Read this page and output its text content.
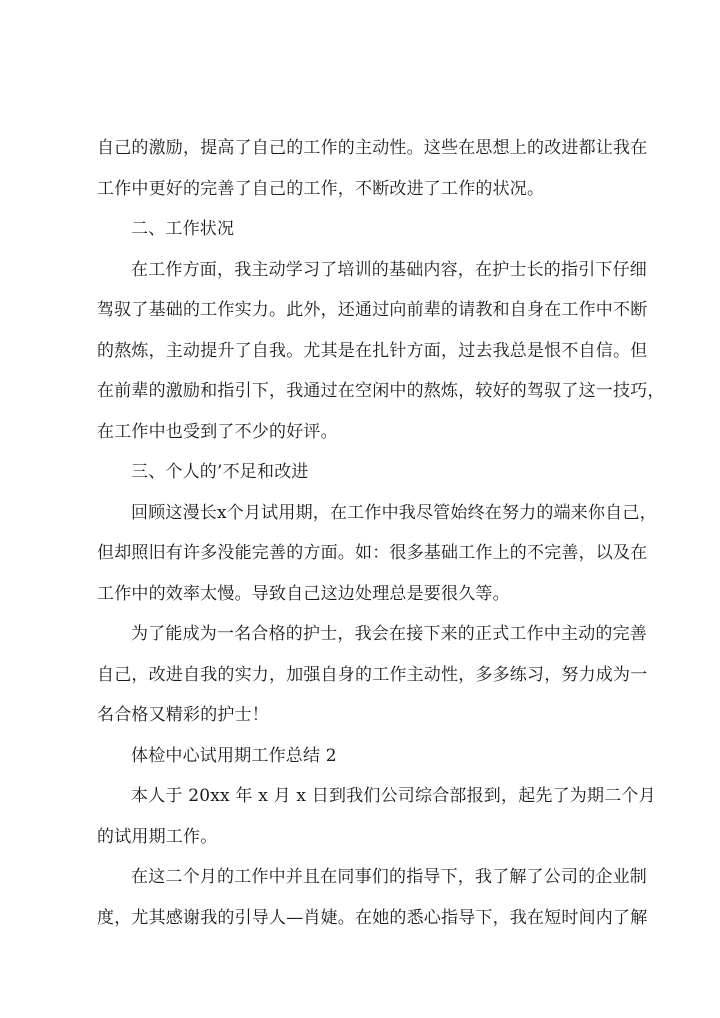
自己的激励，提高了自己的工作的主动性。这些在思想上的改进都让我在
工作中更好的完善了自己的工作，不断改进了工作的状况。
二、工作状况
在工作方面，我主动学习了培训的基础内容，在护士长的指引下仔细
驾驭了基础的工作实力。此外，还通过向前辈的请教和自身在工作中不断
的熬炼，主动提升了自我。尤其是在扎针方面，过去我总是恨不自信。但
在前辈的激励和指引下，我通过在空闲中的熬炼，较好的驾驭了这一技巧，
在工作中也受到了不少的好评。
三、个人的’不足和改进
回顾这漫长x个月试用期，在工作中我尽管始终在努力的端来你自己，
但却照旧有许多没能完善的方面。如：很多基础工作上的不完善，以及在
工作中的效率太慢。导致自己这边处理总是要很久等。
为了能成为一名合格的护士，我会在接下来的正式工作中主动的完善
自己，改进自我的实力，加强自身的工作主动性，多多练习，努力成为一
名合格又精彩的护士！
体检中心试用期工作总结 2
本人于 20xx 年 x 月 x 日到我们公司综合部报到，起先了为期二个月
的试用期工作。
在这二个月的工作中并且在同事们的指导下，我了解了公司的企业制
度，尤其感谢我的引导人—肖婕。在她的悉心指导下，我在短时间内了解
